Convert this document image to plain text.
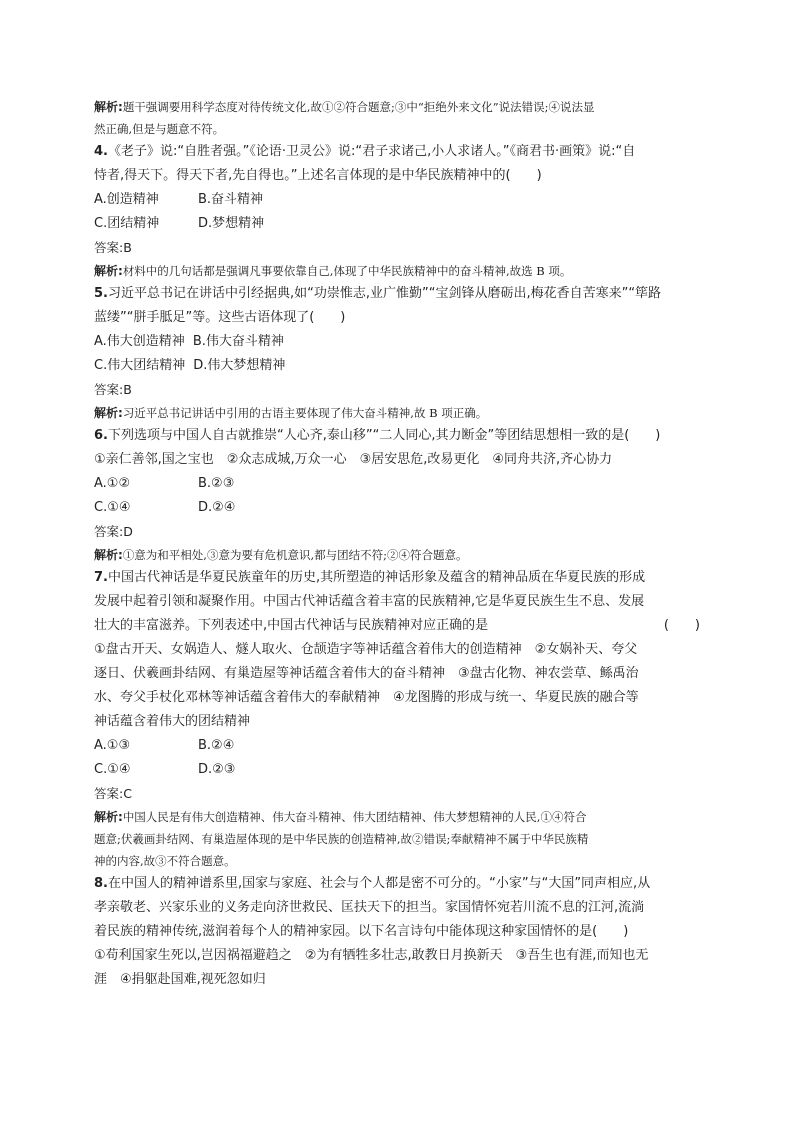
解析:题干强调要用科学态度对待传统文化,故①②符合题意;③中“拒绝外来文化”说法错误;④说法显
然正确,但是与题意不符。
4.《老子》说:“自胜者强。”《论语·卫灵公》说:“君子求诸己,小人求诸人。”《商君书·画策》说:“自
恃者,得天下。得天下者,先自得也。”上述名言体现的是中华民族精神中的(　　)
A.创造精神	B.奋斗精神
C.团结精神	D.梦想精神
答案:B
解析:材料中的几句话都是强调凡事要依靠自己,体现了中华民族精神中的奋斗精神,故选 B 项。
5.习近平总书记在讲话中引经据典,如“功崇惟志,业广惟勤”“宝剑锋从磨砺出,梅花香自苦寒来”“筚路
蓝缕”“胼手胝足”等。这些古语体现了(　　)
A.伟大创造精神 B.伟大奋斗精神
C.伟大团结精神 D.伟大梦想精神
答案:B
解析:习近平总书记讲话中引用的古语主要体现了伟大奋斗精神,故 B 项正确。
6.下列选项与中国人自古就推崇“人心齐,泰山移”“二人同心,其力断金”等团结思想相一致的是(　　)
①亲仁善邻,国之宝也　②众志成城,万众一心　③居安思危,改易更化　④同舟共济,齐心协力
A.①②	B.②③
C.①④	D.②④
答案:D
解析:①意为和平相处,③意为要有危机意识,都与团结不符;②④符合题意。
7.中国古代神话是华夏民族童年的历史,其所塑造的神话形象及蕴含的精神品质在华夏民族的形成
发展中起着引领和凝聚作用。中国古代神话蕴含着丰富的民族精神,它是华夏民族生生不息、发展
壮大的丰富滋养。下列表述中,中国古代神话与民族精神对应正确的是	(　　)
①盘古开天、女娲造人、燧人取火、仓颉造字等神话蕴含着伟大的创造精神　②女娲补天、夸父
逐日、伏羲画卦结网、有巢造屋等神话蕴含着伟大的奋斗精神　③盘古化物、神农尝草、鲧禹治
水、夸父手杖化邓林等神话蕴含着伟大的奉献精神　④龙图腾的形成与统一、华夏民族的融合等
神话蕴含着伟大的团结精神
A.①③	B.②④
C.①④	D.②③
答案:C
解析:中国人民是有伟大创造精神、伟大奋斗精神、伟大团结精神、伟大梦想精神的人民,①④符合
题意;伏羲画卦结网、有巢造屋体现的是中华民族的创造精神,故②错误;奉献精神不属于中华民族精
神的内容,故③不符合题意。
8.在中国人的精神谱系里,国家与家庭、社会与个人都是密不可分的。“小家”与“大国”同声相应,从
孝亲敬老、兴家乐业的义务走向济世救民、匡扶天下的担当。家国情怀宛若川流不息的江河,流淌
着民族的精神传统,滋润着每个人的精神家园。以下名言诗句中能体现这种家国情怀的是(　　)
①苟利国家生死以,岂因祸福避趋之　②为有牺牲多壮志,敢教日月换新天　③吾生也有涯,而知也无
涯　④捐躯赴国难,视死忽如归
